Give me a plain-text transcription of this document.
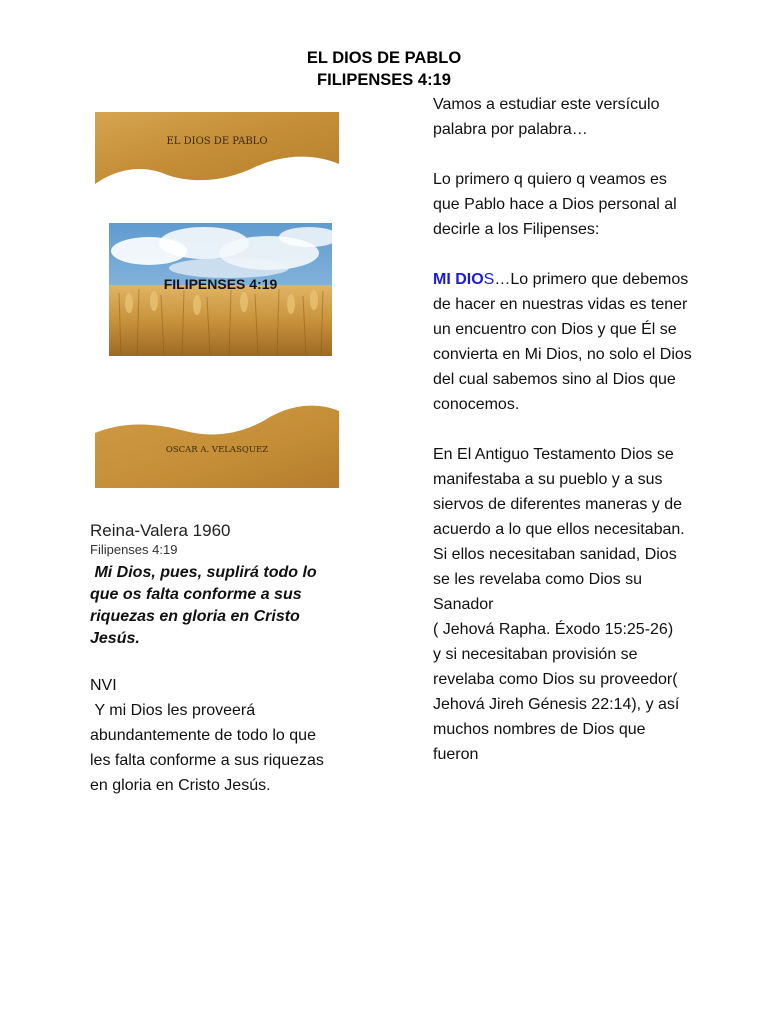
EL DIOS DE PABLO
FILIPENSES 4:19
EL DIOS DE PABLO
FILIPENSES 4:19
OSCAR A. VELASQUEZ
Reina-Valera 1960
Filipenses 4:19
Mi Dios, pues, suplirá todo lo que os falta conforme a sus riquezas en gloria en Cristo Jesús.
NVI
Y mi Dios les proveerá abundantemente de todo lo que les falta conforme a sus riquezas en gloria en Cristo Jesús.

Vamos a estudiar este versículo palabra por palabra…

Lo primero q quiero q veamos es que Pablo hace a Dios personal al decirle a los Filipenses:

MI DIOS…Lo primero que debemos de hacer en nuestras vidas es tener un encuentro con Dios y que Él se convierta en Mi Dios, no solo el Dios del cual sabemos sino al Dios que conocemos.

En El Antiguo Testamento Dios se manifestaba a su pueblo y a sus siervos de diferentes maneras y de acuerdo a lo que ellos necesitaban. Si ellos necesitaban sanidad, Dios se les revelaba como Dios su Sanador
( Jehová Rapha. Éxodo 15:25-26)
y si necesitaban provisión se revelaba como Dios su proveedor( Jehová Jireh Génesis 22:14), y así muchos nombres de Dios que fueron
